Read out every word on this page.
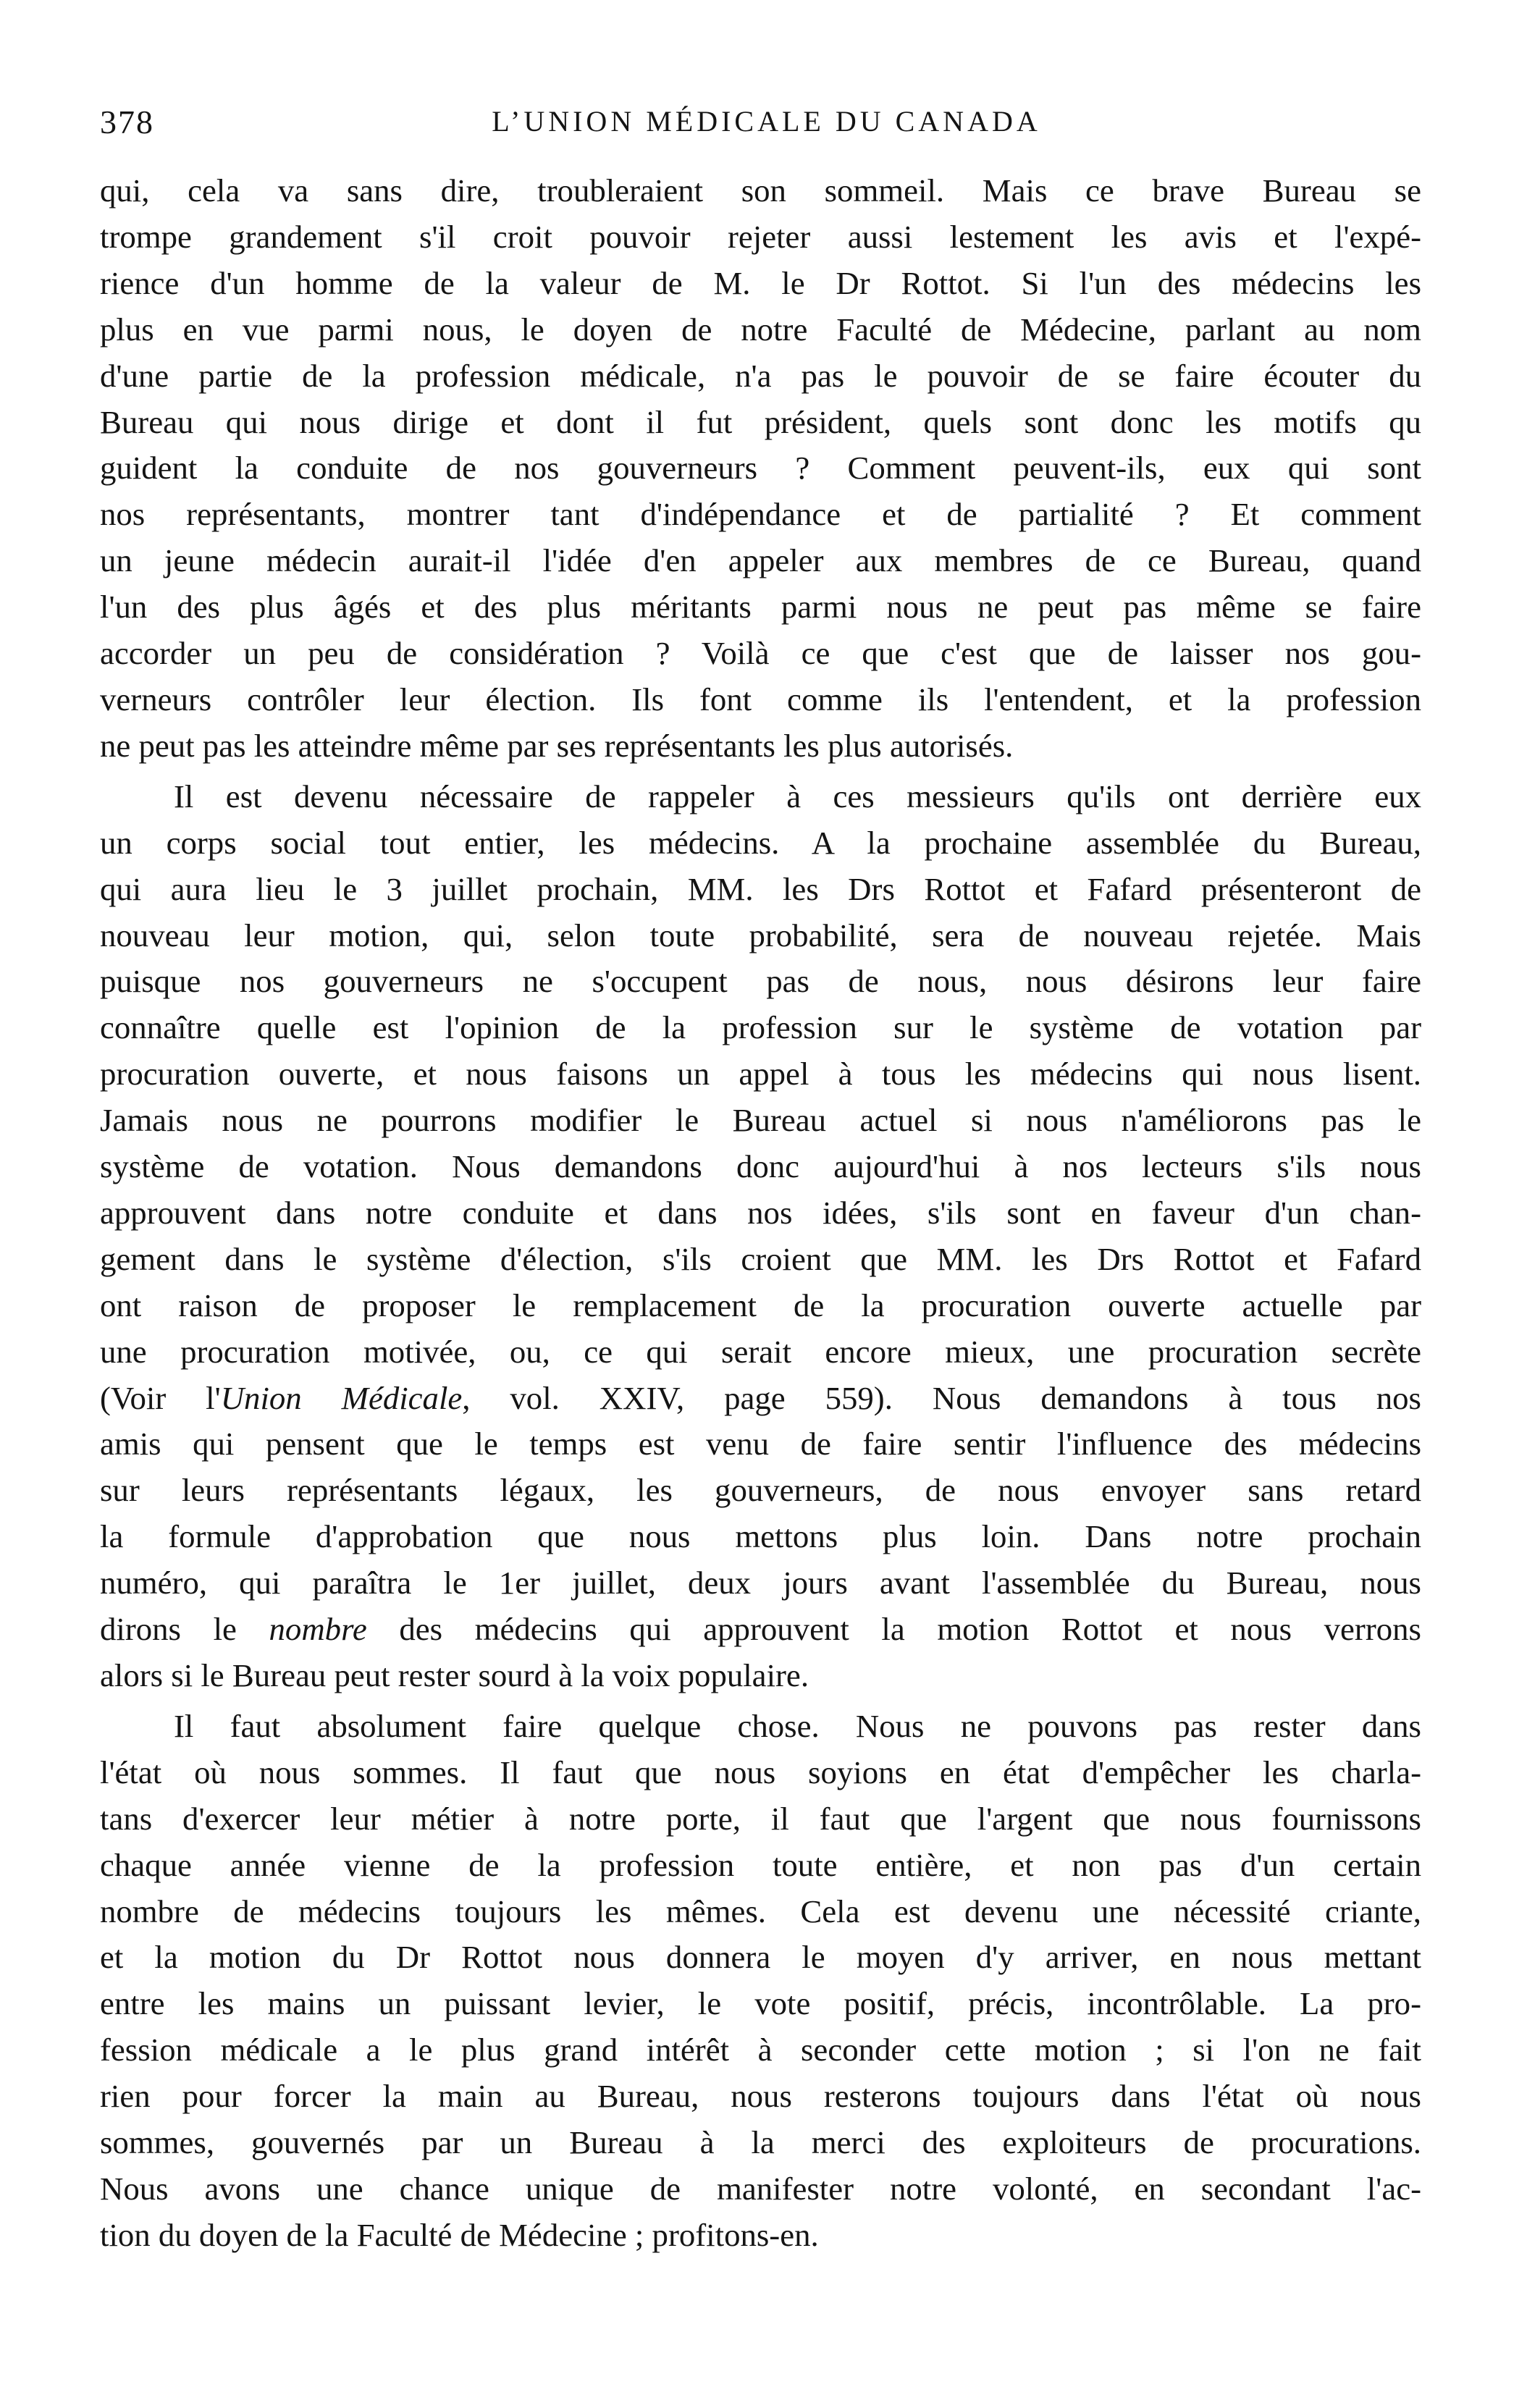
378	L’UNION MÉDICALE DU CANADA

qui, cela va sans dire, troubleraient son sommeil. Mais ce brave Bureau se
trompe grandement s'il croit pouvoir rejeter aussi lestement les avis et l'expé-
rience d'un homme de la valeur de M. le Dr Rottot. Si l'un des médecins les
plus en vue parmi nous, le doyen de notre Faculté de Médecine, parlant au nom
d'une partie de la profession médicale, n'a pas le pouvoir de se faire écouter du
Bureau qui nous dirige et dont il fut président, quels sont donc les motifs qu
guident la conduite de nos gouverneurs ? Comment peuvent-ils, eux qui sont
nos représentants, montrer tant d'indépendance et de partialité ? Et comment
un jeune médecin aurait-il l'idée d'en appeler aux membres de ce Bureau, quand
l'un des plus âgés et des plus méritants parmi nous ne peut pas même se faire
accorder un peu de considération ? Voilà ce que c'est que de laisser nos gou-
verneurs contrôler leur élection. Ils font comme ils l'entendent, et la profession
ne peut pas les atteindre même par ses représentants les plus autorisés.

Il est devenu nécessaire de rappeler à ces messieurs qu'ils ont derrière eux
un corps social tout entier, les médecins. A la prochaine assemblée du Bureau,
qui aura lieu le 3 juillet prochain, MM. les Drs Rottot et Fafard présenteront de
nouveau leur motion, qui, selon toute probabilité, sera de nouveau rejetée. Mais
puisque nos gouverneurs ne s'occupent pas de nous, nous désirons leur faire
connaître quelle est l'opinion de la profession sur le système de votation par
procuration ouverte, et nous faisons un appel à tous les médecins qui nous lisent.
Jamais nous ne pourrons modifier le Bureau actuel si nous n'améliorons pas le
système de votation. Nous demandons donc aujourd'hui à nos lecteurs s'ils nous
approuvent dans notre conduite et dans nos idées, s'ils sont en faveur d'un chan-
gement dans le système d'élection, s'ils croient que MM. les Drs Rottot et Fafard
ont raison de proposer le remplacement de la procuration ouverte actuelle par
une procuration motivée, ou, ce qui serait encore mieux, une procuration secrète
(Voir l'Union Médicale, vol. XXIV, page 559). Nous demandons à tous nos
amis qui pensent que le temps est venu de faire sentir l'influence des médecins
sur leurs représentants légaux, les gouverneurs, de nous envoyer sans retard
la formule d'approbation que nous mettons plus loin. Dans notre prochain
numéro, qui paraîtra le 1er juillet, deux jours avant l'assemblée du Bureau, nous
dirons le nombre des médecins qui approuvent la motion Rottot et nous verrons
alors si le Bureau peut rester sourd à la voix populaire.

Il faut absolument faire quelque chose. Nous ne pouvons pas rester dans
l'état où nous sommes. Il faut que nous soyions en état d'empêcher les charla-
tans d'exercer leur métier à notre porte, il faut que l'argent que nous fournissons
chaque année vienne de la profession toute entière, et non pas d'un certain
nombre de médecins toujours les mêmes. Cela est devenu une nécessité criante,
et la motion du Dr Rottot nous donnera le moyen d'y arriver, en nous mettant
entre les mains un puissant levier, le vote positif, précis, incontrôlable. La pro-
fession médicale a le plus grand intérêt à seconder cette motion ; si l'on ne fait
rien pour forcer la main au Bureau, nous resterons toujours dans l'état où nous
sommes, gouvernés par un Bureau à la merci des exploiteurs de procurations.
Nous avons une chance unique de manifester notre volonté, en secondant l'ac-
tion du doyen de la Faculté de Médecine ; profitons-en.
